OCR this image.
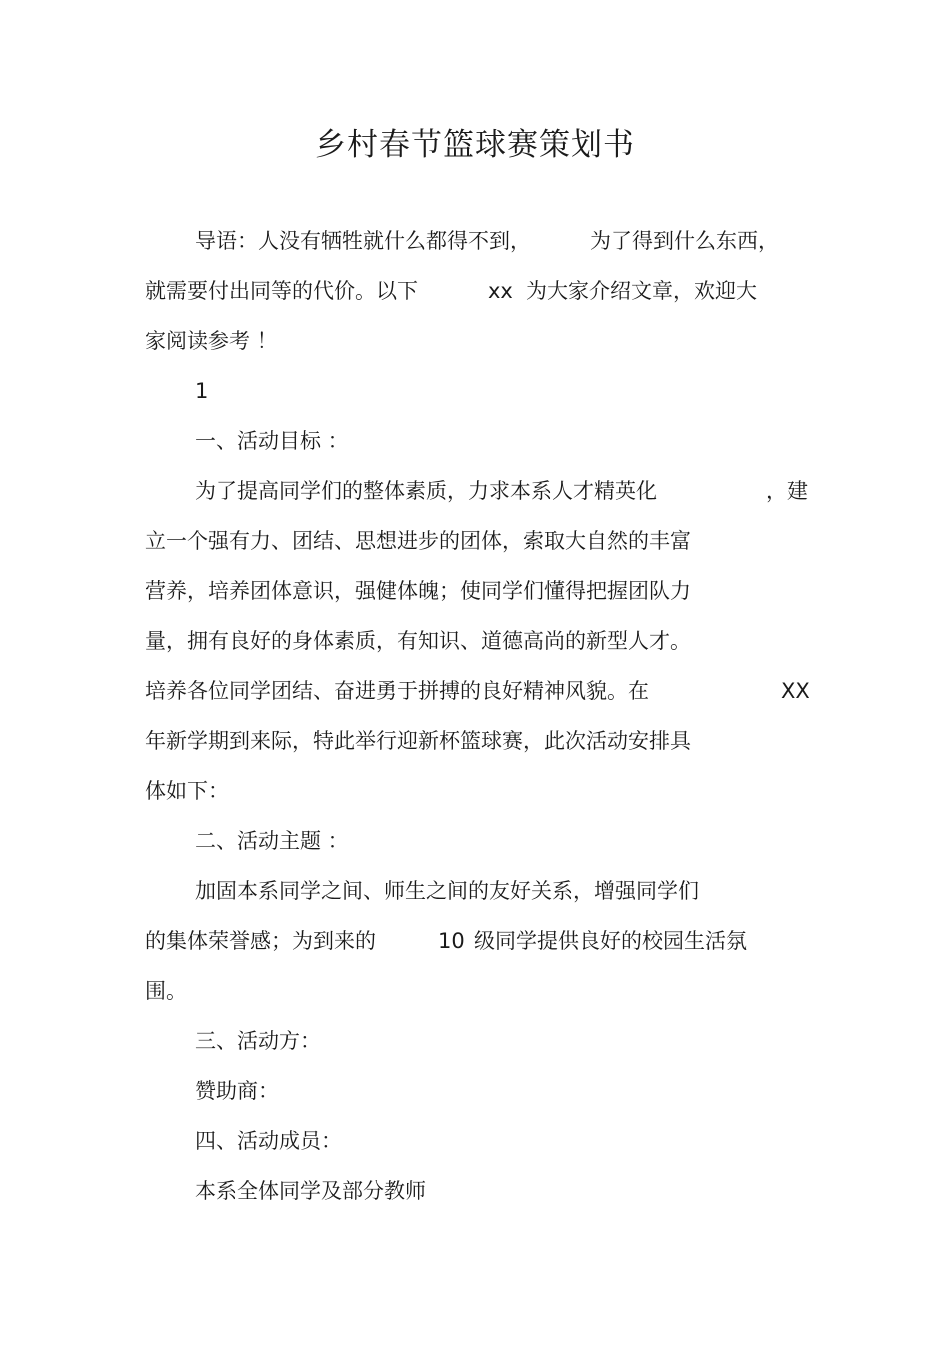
乡村春节篮球赛策划书
导语：人没有牺牲就什么都得不到，	为了得到什么东西，
就需要付出同等的代价。以下	xx 为大家介绍文章，欢迎大
家阅读参考 ！
1
一、活动目标 ：
为了提高同学们的整体素质，力求本系人才精英化	，建
立一个强有力、团结、思想进步的团体，索取大自然的丰富
营养，培养团体意识，强健体魄；使同学们懂得把握团队力
量，拥有良好的身体素质，有知识、道德高尚的新型人才。
培养各位同学团结、奋进勇于拼搏的良好精神风貌。在	XX
年新学期到来际，特此举行迎新杯篮球赛，此次活动安排具
体如下：
二、活动主题 ：
加固本系同学之间、师生之间的友好关系，增强同学们
的集体荣誉感；为到来的	10 级同学提供良好的校园生活氛
围。
三、活动方：
赞助商：
四、活动成员：
本系全体同学及部分教师
